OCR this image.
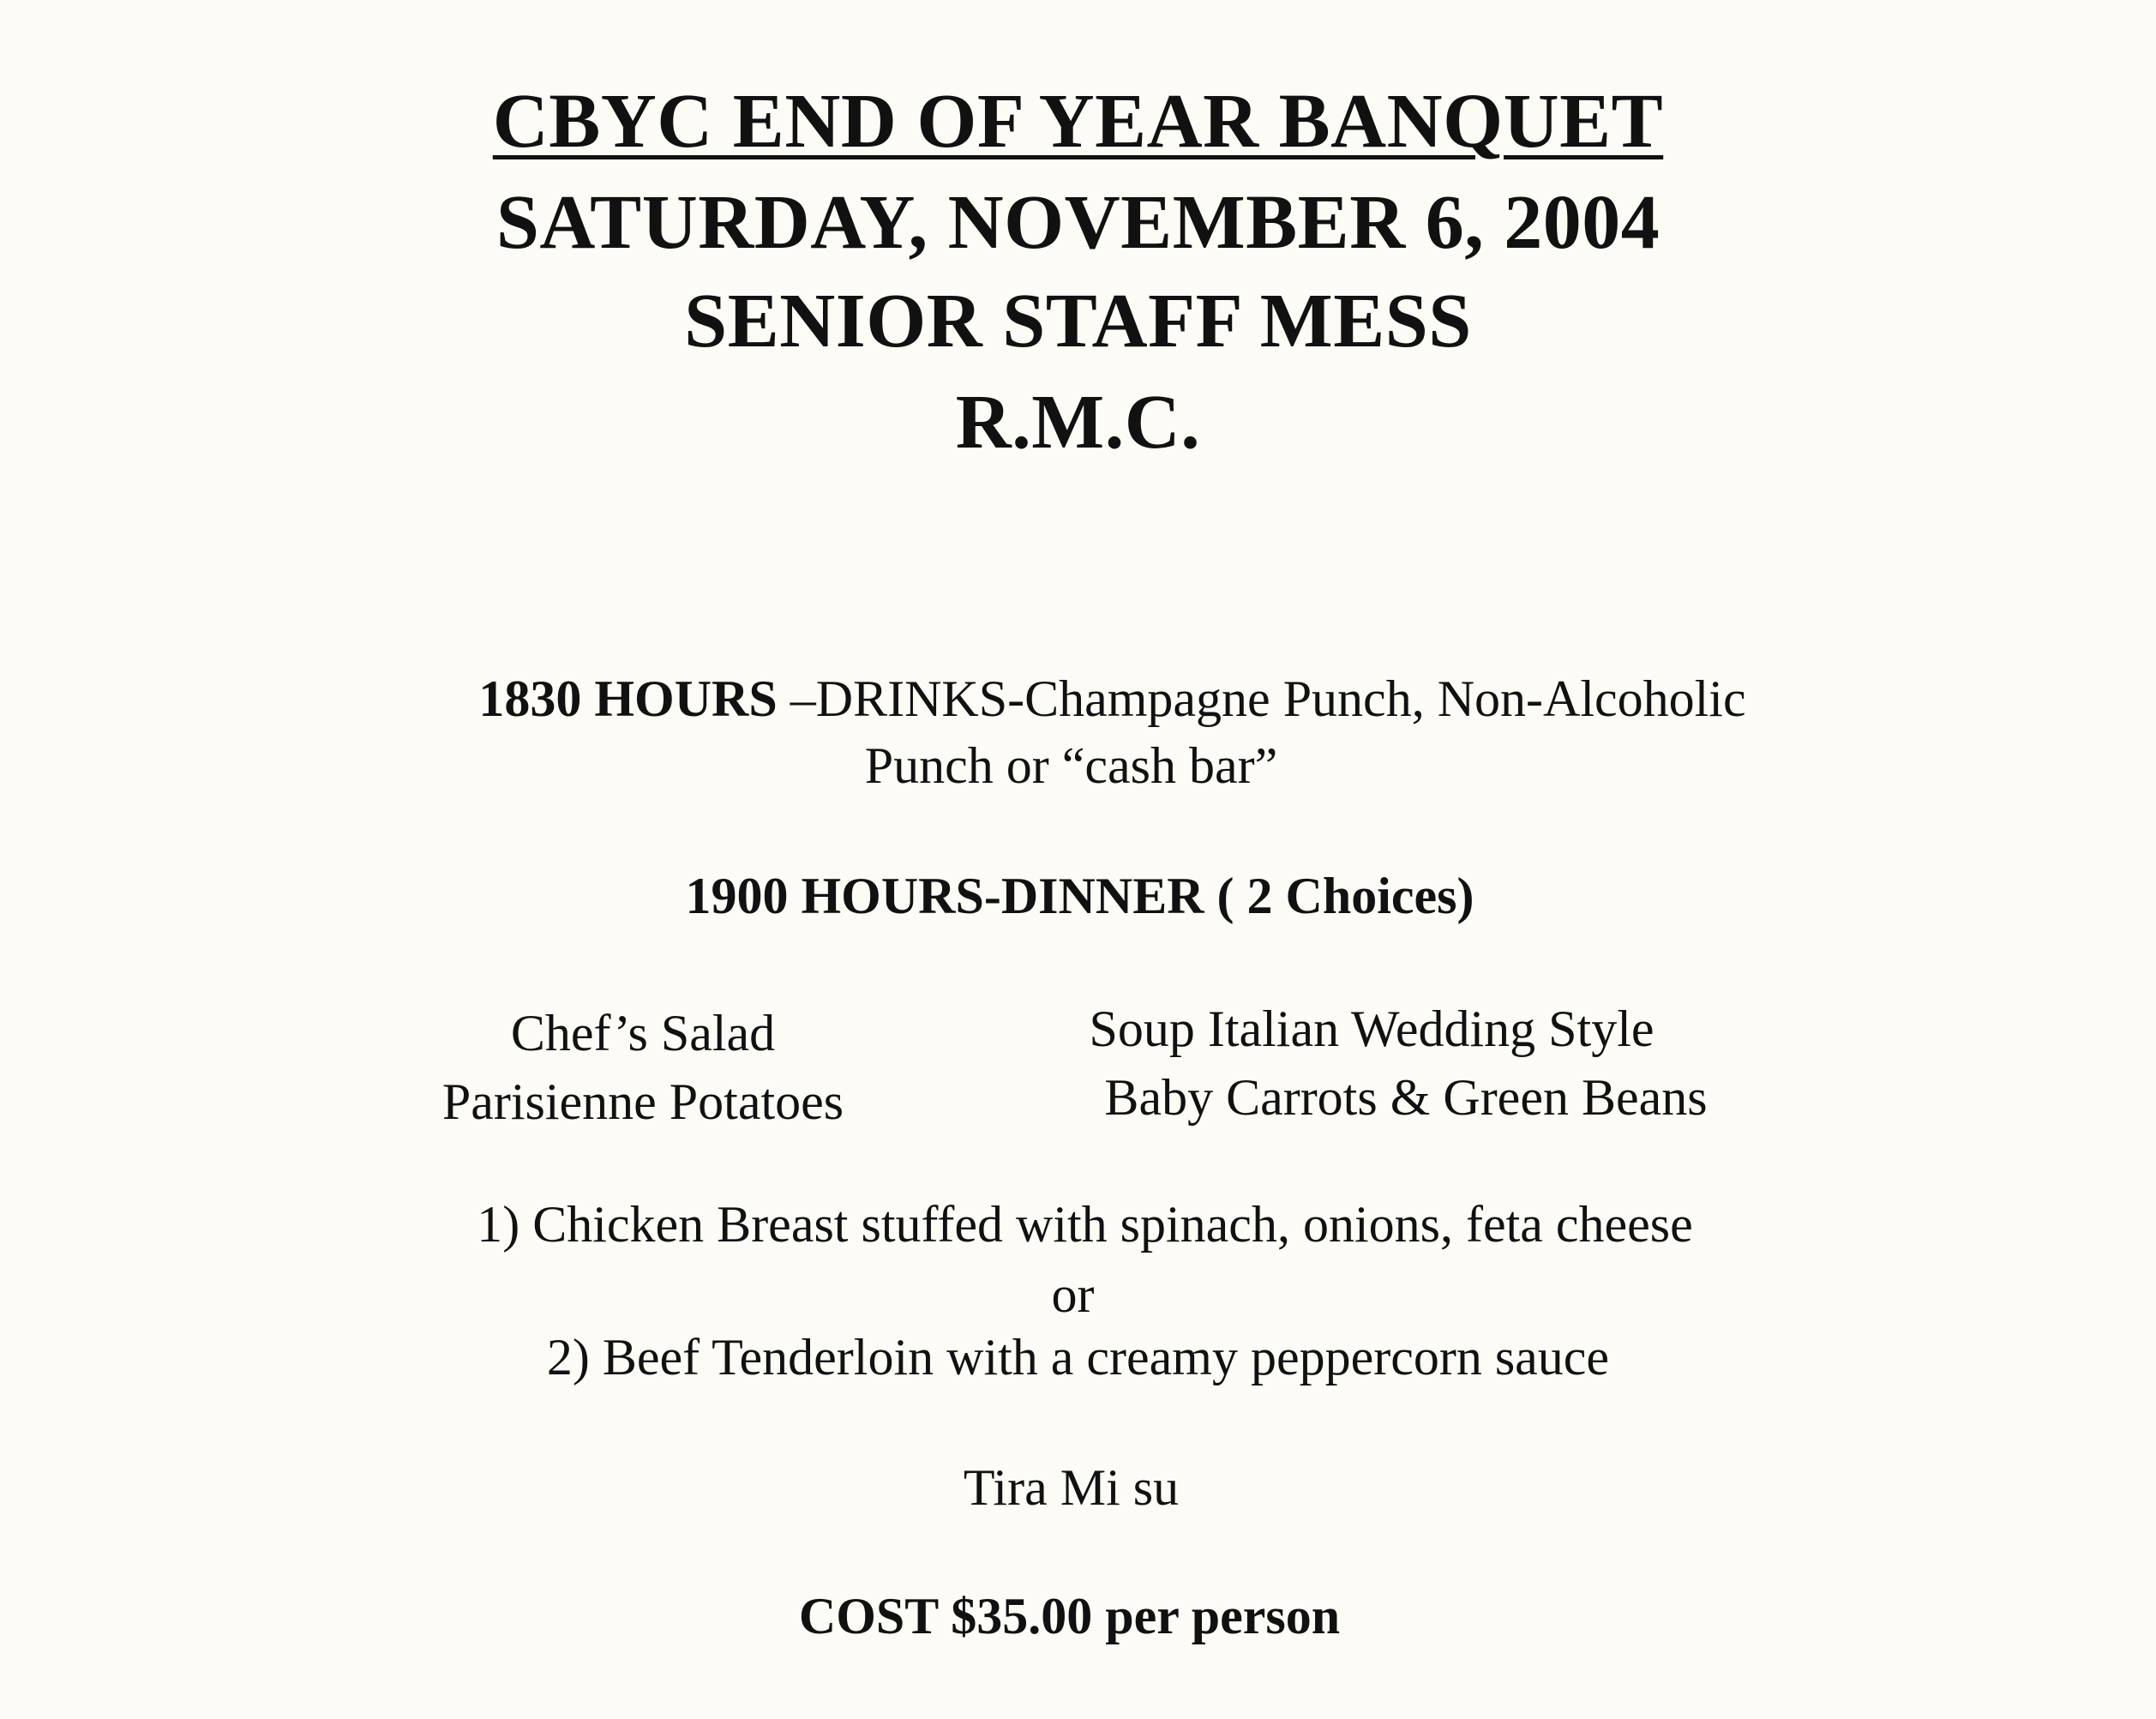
CBYC END OF YEAR BANQUET
SATURDAY, NOVEMBER 6, 2004
SENIOR STAFF MESS
R.M.C.
1830 HOURS –DRINKS-Champagne Punch, Non-Alcoholic
Punch or “cash bar”
1900 HOURS-DINNER ( 2 Choices)
Chef’s Salad
Parisienne Potatoes
Soup Italian Wedding Style
Baby Carrots & Green Beans
1) Chicken Breast stuffed with spinach, onions, feta cheese
or
2) Beef Tenderloin with a creamy peppercorn sauce
Tira Mi su
COST $35.00 per person
